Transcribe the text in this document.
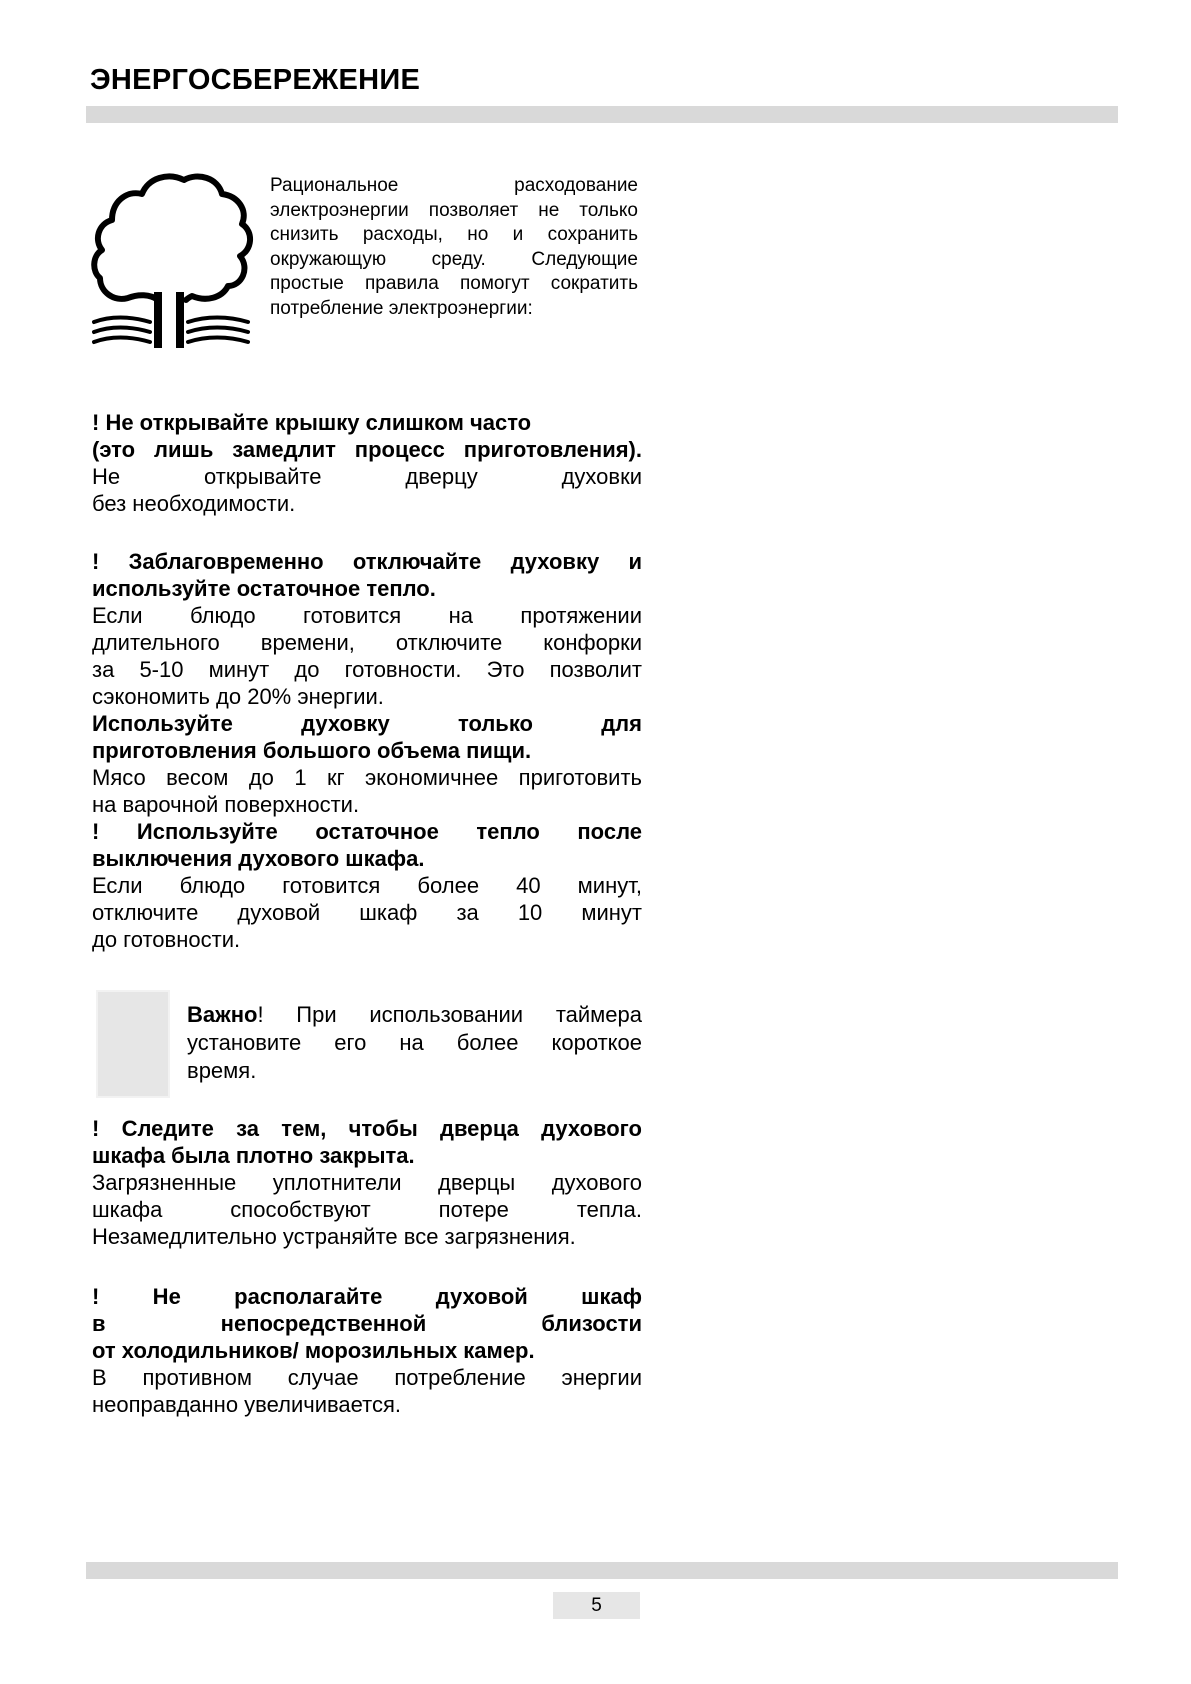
ЭНЕРГОСБЕРЕЖЕНИЕ
Рациональное расходование
электроэнергии позволяет не только
снизить расходы, но и сохранить
окружающую среду. Следующие
простые правила помогут сократить
потребление электроэнергии:
! Не открывайте крышку слишком часто
(это лишь замедлит процесс приготовления).
Не открывайте дверцу духовки
без необходимости.
! Заблаговременно отключайте духовку и
используйте остаточное тепло.
Если блюдо готовится на протяжении
длительного времени, отключите конфорки
за 5-10 минут до готовности. Это позволит
сэкономить до 20% энергии.
Используйте духовку только для
приготовления большого объема пищи.
Мясо весом до 1 кг экономичнее приготовить
на варочной поверхности.
! Используйте остаточное тепло после
выключения духового шкафа.
Если блюдо готовится более 40 минут,
отключите духовой шкаф за 10 минут
до готовности.
Важно! При использовании таймера
установите его на более короткое
время.
! Следите за тем, чтобы дверца духового
шкафа была плотно закрыта.
Загрязненные уплотнители дверцы духового
шкафа способствуют потере тепла.
Незамедлительно устраняйте все загрязнения.
! Не располагайте духовой шкаф
в непосредственной близости
от холодильников/ морозильных камер.
В противном случае потребление энергии
неоправданно увеличивается.
5
